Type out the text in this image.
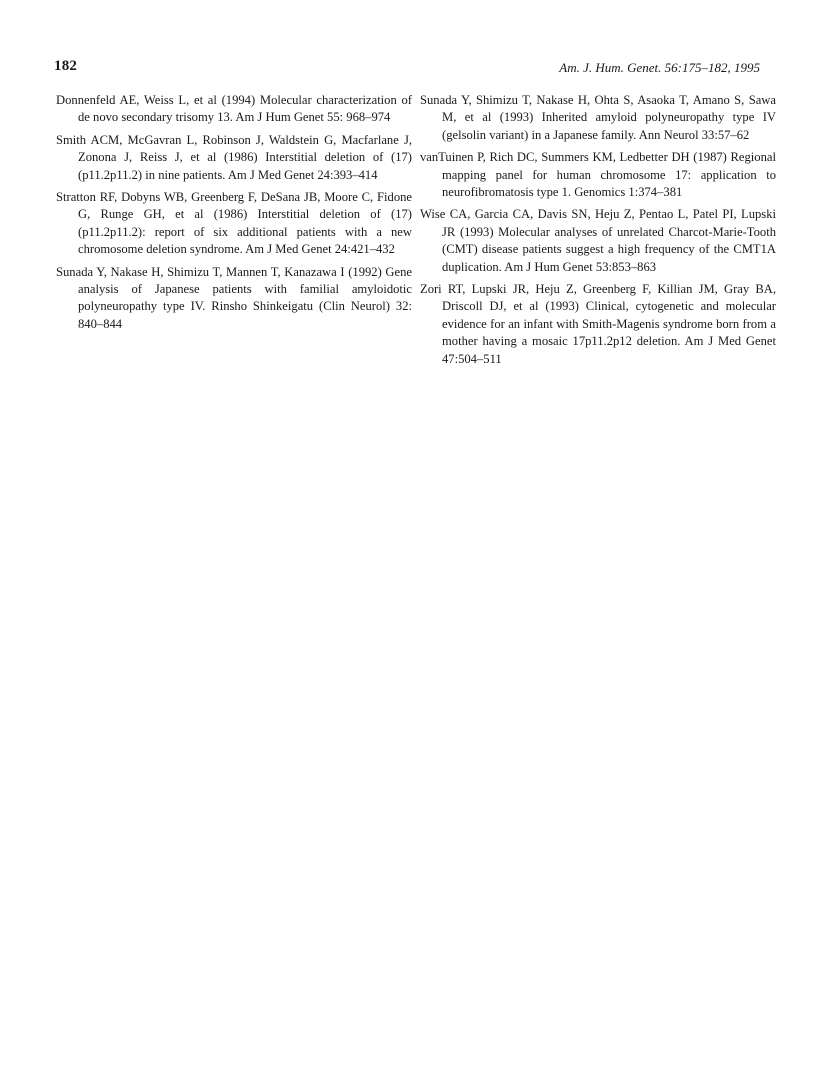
182	Am. J. Hum. Genet. 56:175–182, 1995

Donnenfeld AE, Weiss L, et al (1994) Molecular characterization of de novo secondary trisomy 13. Am J Hum Genet 55: 968–974

Smith ACM, McGavran L, Robinson J, Waldstein G, Macfarlane J, Zonona J, Reiss J, et al (1986) Interstitial deletion of (17)(p11.2p11.2) in nine patients. Am J Med Genet 24:393–414

Stratton RF, Dobyns WB, Greenberg F, DeSana JB, Moore C, Fidone G, Runge GH, et al (1986) Interstitial deletion of (17)(p11.2p11.2): report of six additional patients with a new chromosome deletion syndrome. Am J Med Genet 24:421–432

Sunada Y, Nakase H, Shimizu T, Mannen T, Kanazawa I (1992) Gene analysis of Japanese patients with familial amyloidotic polyneuropathy type IV. Rinsho Shinkeigatu (Clin Neurol) 32: 840–844

Sunada Y, Shimizu T, Nakase H, Ohta S, Asaoka T, Amano S, Sawa M, et al (1993) Inherited amyloid polyneuropathy type IV (gelsolin variant) in a Japanese family. Ann Neurol 33:57–62

vanTuinen P, Rich DC, Summers KM, Ledbetter DH (1987) Regional mapping panel for human chromosome 17: application to neurofibromatosis type 1. Genomics 1:374–381

Wise CA, Garcia CA, Davis SN, Heju Z, Pentao L, Patel PI, Lupski JR (1993) Molecular analyses of unrelated Charcot-Marie-Tooth (CMT) disease patients suggest a high frequency of the CMT1A duplication. Am J Hum Genet 53:853–863

Zori RT, Lupski JR, Heju Z, Greenberg F, Killian JM, Gray BA, Driscoll DJ, et al (1993) Clinical, cytogenetic and molecular evidence for an infant with Smith-Magenis syndrome born from a mother having a mosaic 17p11.2p12 deletion. Am J Med Genet 47:504–511
